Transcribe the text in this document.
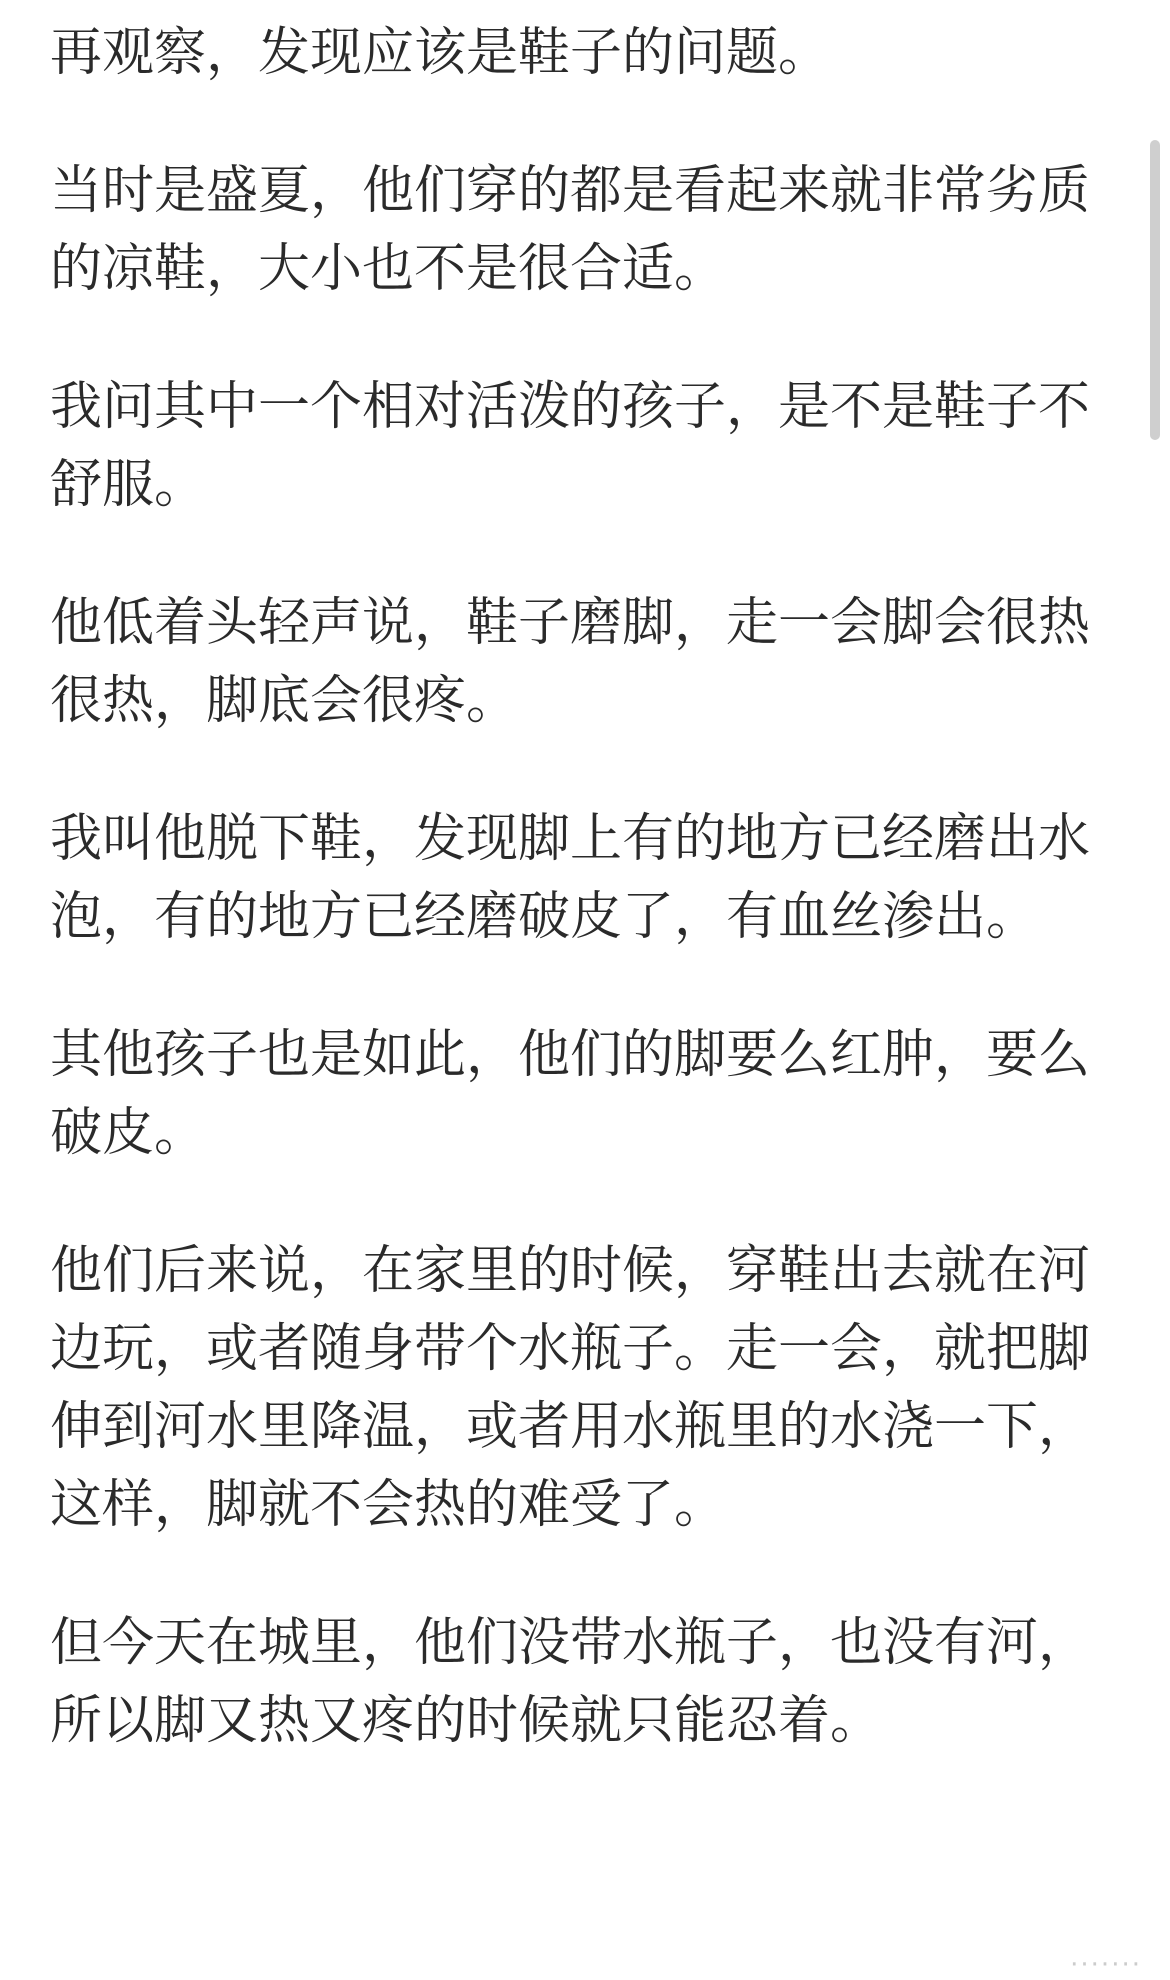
再观察，发现应该是鞋子的问题。

当时是盛夏，他们穿的都是看起来就非常劣质
的凉鞋，大小也不是很合适。

我问其中一个相对活泼的孩子，是不是鞋子不
舒服。

他低着头轻声说，鞋子磨脚，走一会脚会很热
很热，脚底会很疼。

我叫他脱下鞋，发现脚上有的地方已经磨出水
泡，有的地方已经磨破皮了，有血丝渗出。

其他孩子也是如此，他们的脚要么红肿，要么
破皮。

他们后来说，在家里的时候，穿鞋出去就在河
边玩，或者随身带个水瓶子。走一会，就把脚
伸到河水里降温，或者用水瓶里的水浇一下，
这样，脚就不会热的难受了。

但今天在城里，他们没带水瓶子，也没有河，
所以脚又热又疼的时候就只能忍着。

·······
